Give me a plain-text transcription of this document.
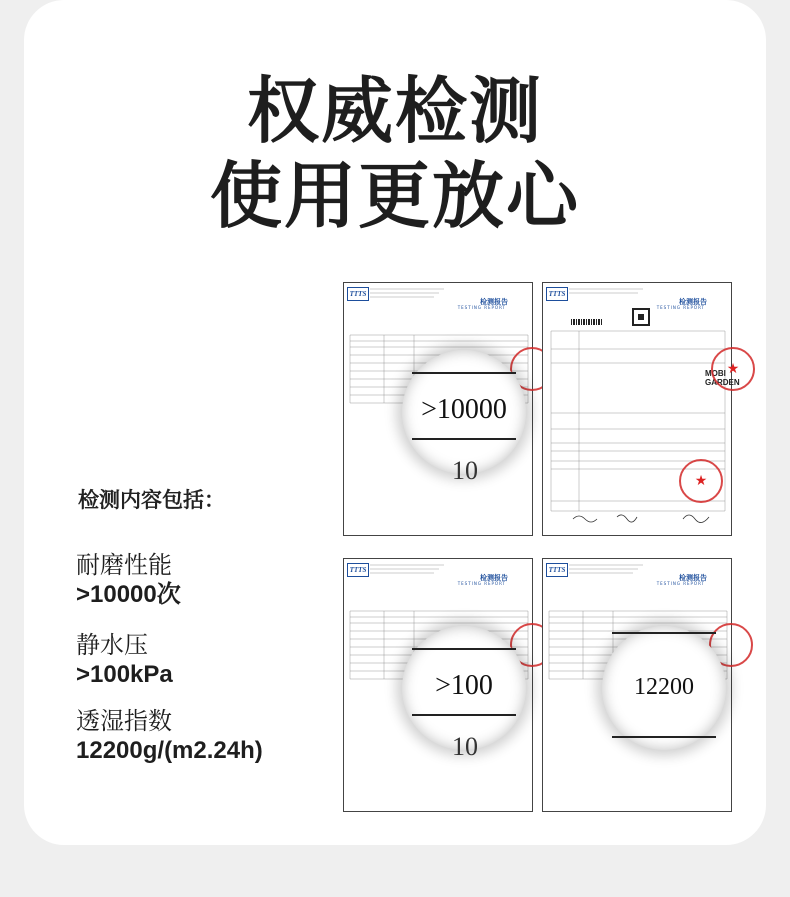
权威检测
使用更放心
检测内容包括：
耐磨性能
>10000次
静水压
>100kPa
透湿指数
12200g/(m2.24h)
TTTS
检测报告
TESTING REPORT
>10000
10
TTTS
检测报告
TESTING REPORT
MOBI
GARDEN
★
★
TTTS
检测报告
TESTING REPORT
>100
10
TTTS
检测报告
TESTING REPORT
12200
